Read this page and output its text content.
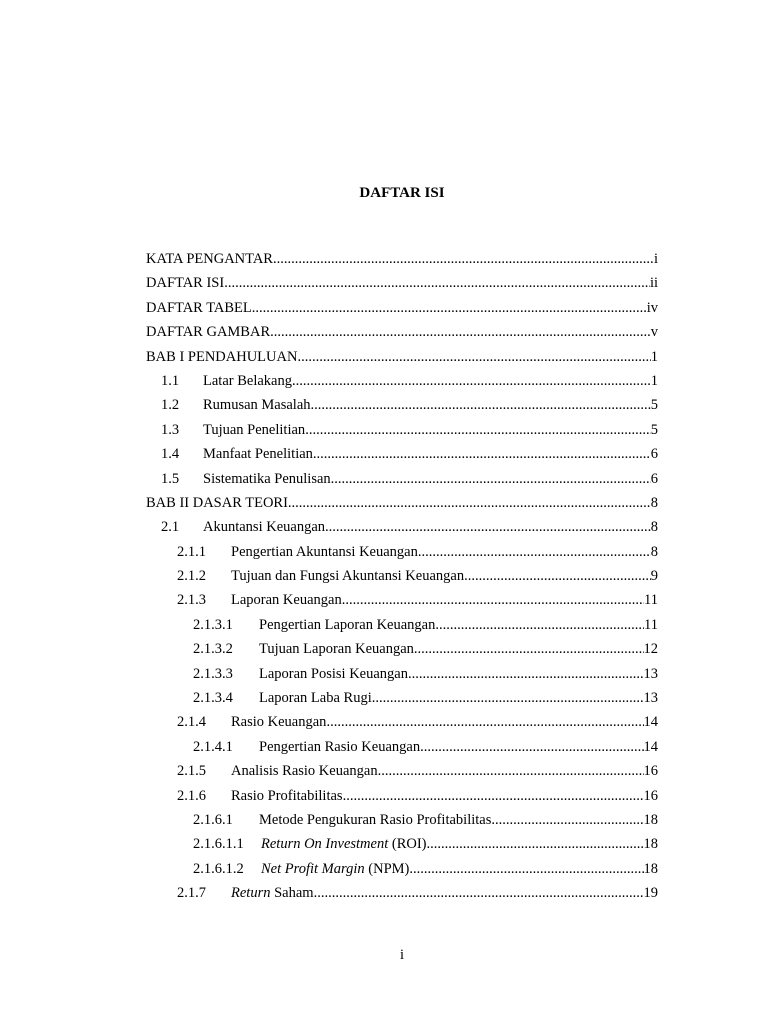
DAFTAR ISI
KATA PENGANTAR .....	i
DAFTAR ISI .....	ii
DAFTAR TABEL .....	iv
DAFTAR GAMBAR .....	v
BAB I PENDAHULUAN .....	1
1.1	Latar Belakang .....	1
1.2	Rumusan Masalah .....	5
1.3	Tujuan Penelitian .....	5
1.4	Manfaat Penelitian .....	6
1.5	Sistematika Penulisan .....	6
BAB II DASAR TEORI .....	8
2.1	Akuntansi Keuangan .....	8
2.1.1	Pengertian Akuntansi Keuangan .....	8
2.1.2	Tujuan dan Fungsi Akuntansi Keuangan .....	9
2.1.3	Laporan Keuangan .....	11
2.1.3.1	Pengertian Laporan Keuangan .....	11
2.1.3.2	Tujuan Laporan Keuangan .....	12
2.1.3.3	Laporan Posisi Keuangan .....	13
2.1.3.4	Laporan Laba Rugi .....	13
2.1.4	Rasio Keuangan .....	14
2.1.4.1	Pengertian Rasio Keuangan .....	14
2.1.5	Analisis Rasio Keuangan .....	16
2.1.6	Rasio Profitabilitas .....	16
2.1.6.1	Metode Pengukuran Rasio Profitabilitas .....	18
2.1.6.1.1	Return On Investment (ROI) .....	18
2.1.6.1.2	Net Profit Margin (NPM) .....	18
2.1.7	Return Saham .....	19
i
